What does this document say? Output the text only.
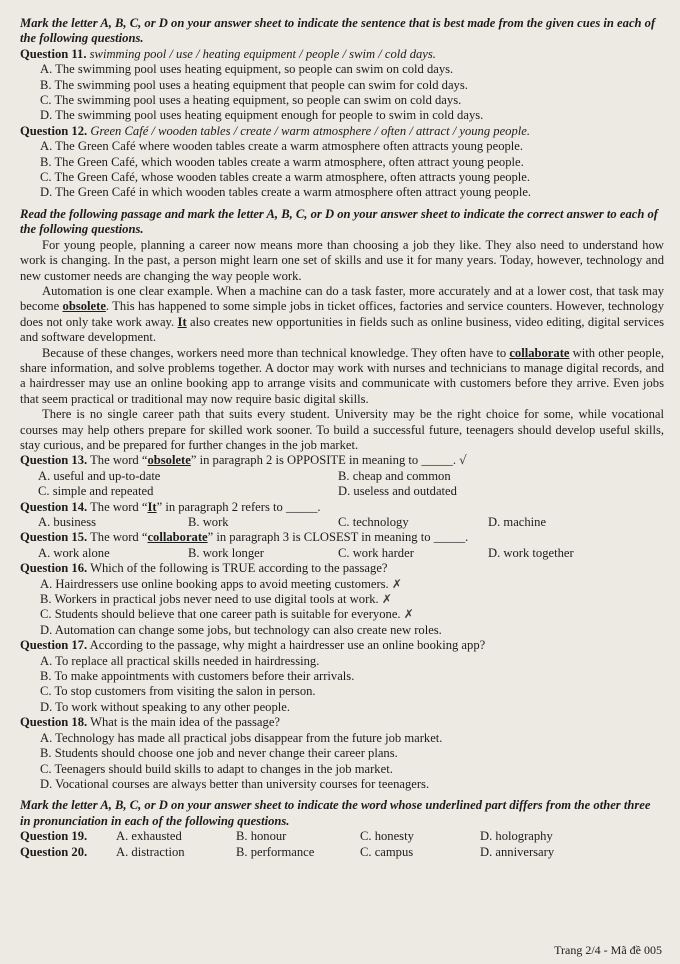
Mark the letter A, B, C, or D on your answer sheet to indicate the sentence that is best made from the given cues in each of the following questions.

Question 11. swimming pool / use / heating equipment / people / swim / cold days.

A. The swimming pool uses heating equipment, so people can swim on cold days.

B. The swimming pool uses a heating equipment that people can swim for cold days.

C. The swimming pool uses a heating equipment, so people can swim on cold days.

D. The swimming pool uses heating equipment enough for people to swim in cold days.

Question 12. Green Café / wooden tables / create / warm atmosphere / often / attract / young people.

A. The Green Café where wooden tables create a warm atmosphere often attracts young people.

B. The Green Café, which wooden tables create a warm atmosphere, often attract young people.

C. The Green Café, whose wooden tables create a warm atmosphere, often attracts young people.

D. The Green Café in which wooden tables create a warm atmosphere often attract young people.

Read the following passage and mark the letter A, B, C, or D on your answer sheet to indicate the correct answer to each of the following questions.

For young people, planning a career now means more than choosing a job they like. They also need to understand how work is changing. In the past, a person might learn one set of skills and use it for many years. Today, however, technology and new customer needs are changing the way people work.

Automation is one clear example. When a machine can do a task faster, more accurately and at a lower cost, that task may become obsolete. This has happened to some simple jobs in ticket offices, factories and service counters. However, technology does not only take work away. It also creates new opportunities in fields such as online business, video editing, digital services and software development.

Because of these changes, workers need more than technical knowledge. They often have to collaborate with other people, share information, and solve problems together. A doctor may work with nurses and technicians to manage digital records, and a hairdresser may use an online booking app to arrange visits and communicate with customers before they arrive. Even jobs that seem practical or traditional may now require basic digital skills.

There is no single career path that suits every student. University may be the right choice for some, while vocational courses may help others prepare for skilled work sooner. To build a successful future, teenagers should develop useful skills, stay curious, and be prepared for further changes in the job market.

Question 13. The word “obsolete” in paragraph 2 is OPPOSITE in meaning to _____. √

A. useful and up-to-date	B. cheap and common
C. simple and repeated	D. useless and outdated

Question 14. The word “It” in paragraph 2 refers to _____.

A. business	B. work	C. technology	D. machine

Question 15. The word “collaborate” in paragraph 3 is CLOSEST in meaning to _____.

A. work alone	B. work longer	C. work harder	D. work together

Question 16. Which of the following is TRUE according to the passage?

A. Hairdressers use online booking apps to avoid meeting customers. ✗

B. Workers in practical jobs never need to use digital tools at work. ✗

C. Students should believe that one career path is suitable for everyone. ✗

D. Automation can change some jobs, but technology can also create new roles.

Question 17. According to the passage, why might a hairdresser use an online booking app?

A. To replace all practical skills needed in hairdressing.

B. To make appointments with customers before their arrivals.

C. To stop customers from visiting the salon in person.

D. To work without speaking to any other people.

Question 18. What is the main idea of the passage?

A. Technology has made all practical jobs disappear from the future job market.

B. Students should choose one job and never change their career plans.

C. Teenagers should build skills to adapt to changes in the job market.

D. Vocational courses are always better than university courses for teenagers.

Mark the letter A, B, C, or D on your answer sheet to indicate the word whose underlined part differs from the other three in pronunciation in each of the following questions.

Question 19.	A. exhausted	B. honour	C. honesty	D. holography
Question 20.	A. distraction	B. performance	C. campus	D. anniversary
Trang 2/4 - Mã đề 005
